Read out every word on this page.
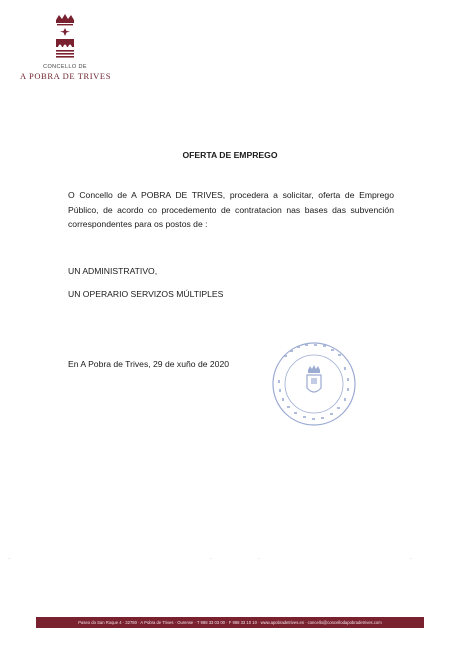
CONCELLO DE
A POBRA DE TRIVES
OFERTA DE EMPREGO
O Concello de A POBRA DE TRIVES, procedera a solicitar, oferta de Emprego Público, de acordo co procedemento de contratacion nas bases das subvención correspondentes para os postos de :
UN ADMINISTRATIVO,
UN OPERARIO SERVIZOS MÚLTIPLES
En A Pobra de Trives, 29 de xuño de 2020
·	·	·	·
Paseo do San Roque 4 · 32780 · A Pobra de Trives · Ourense · T 988 33 03 00 · F 988 33 10 10 · www.apobradetrives.es · concello@concellodapobradetrives.com
